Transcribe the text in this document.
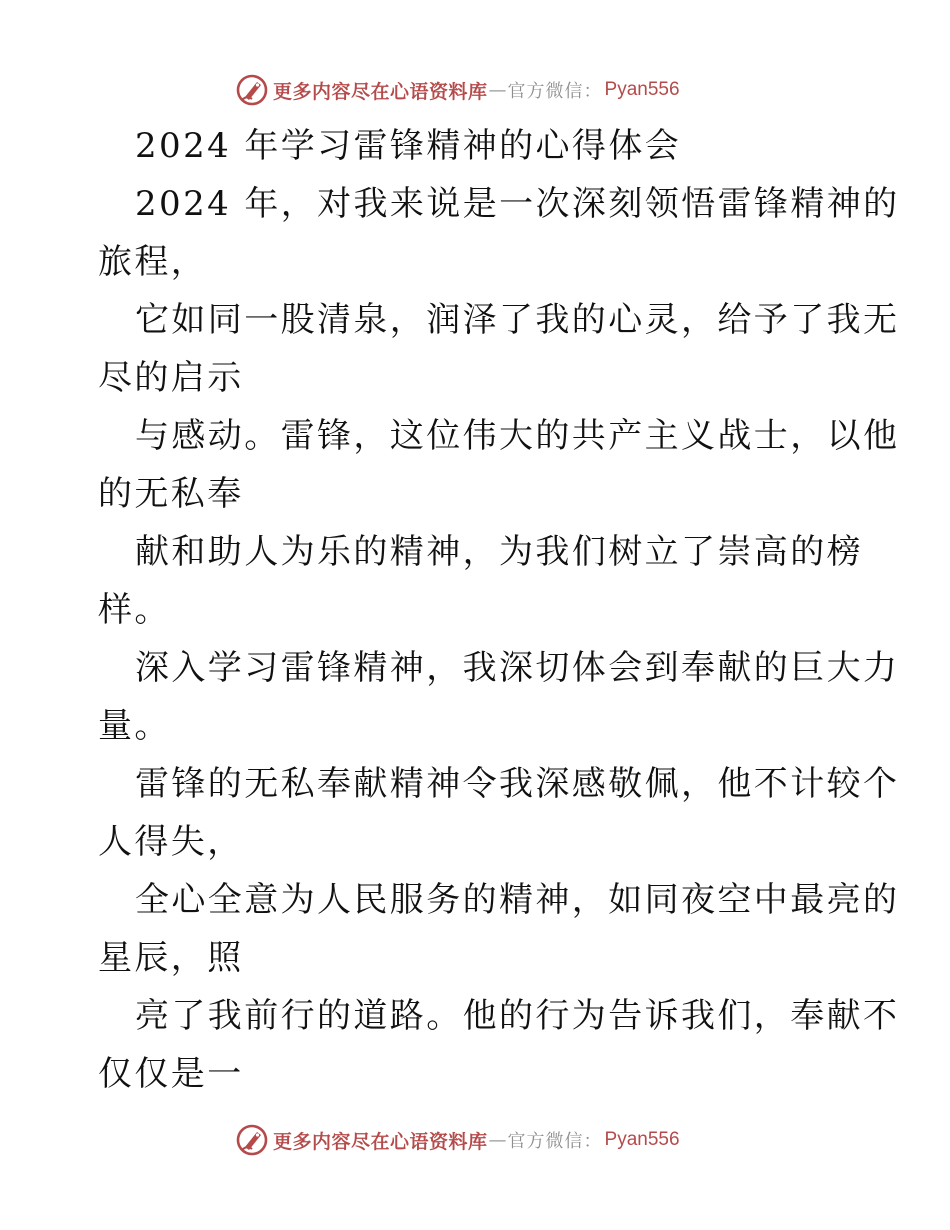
更多内容尽在心语资料库 — 官方微信： Pyan556
2024 年学习雷锋精神的心得体会
2024 年，对我来说是一次深刻领悟雷锋精神的
旅程，
它如同一股清泉，润泽了我的心灵，给予了我无
尽的启示
与感动。雷锋，这位伟大的共产主义战士，以他
的无私奉
献和助人为乐的精神，为我们树立了崇高的榜
样。
深入学习雷锋精神，我深切体会到奉献的巨大力
量。
雷锋的无私奉献精神令我深感敬佩，他不计较个
人得失，
全心全意为人民服务的精神，如同夜空中最亮的
星辰，照
亮了我前行的道路。他的行为告诉我们，奉献不
仅仅是一
更多内容尽在心语资料库 — 官方微信： Pyan556
